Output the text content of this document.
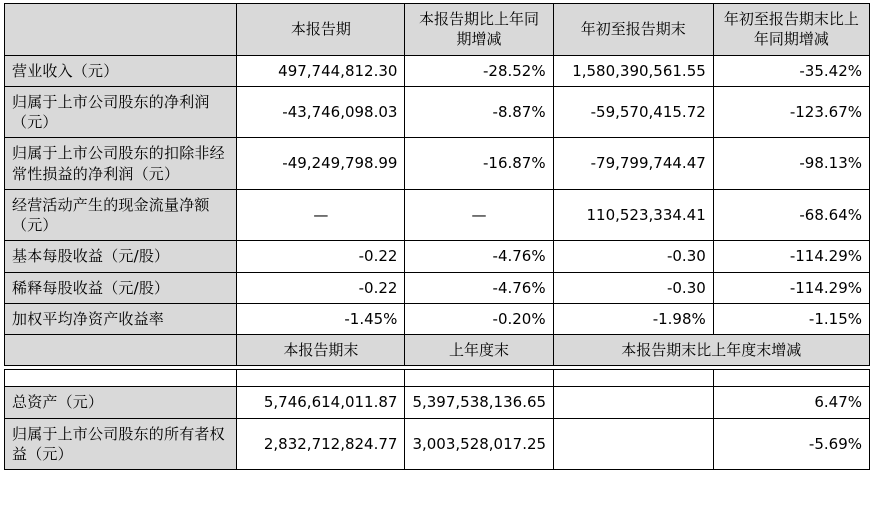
	本报告期	本报告期比上年同期增减	年初至报告期末	年初至报告期末比上年同期增减
营业收入（元）	497,744,812.30	-28.52%	1,580,390,561.55	-35.42%
归属于上市公司股东的净利润（元）	-43,746,098.03	-8.87%	-59,570,415.72	-123.67%
归属于上市公司股东的扣除非经常性损益的净利润（元）	-49,249,798.99	-16.87%	-79,799,744.47	-98.13%
经营活动产生的现金流量净额（元）	—	—	110,523,334.41	-68.64%
基本每股收益（元/股）	-0.22	-4.76%	-0.30	-114.29%
稀释每股收益（元/股）	-0.22	-4.76%	-0.30	-114.29%
加权平均净资产收益率	-1.45%	-0.20%	-1.98%	-1.15%
	本报告期末	上年度末	本报告期末比上年度末增减	

总资产（元）	5,746,614,011.87	5,397,538,136.65		6.47%
归属于上市公司股东的所有者权益（元）	2,832,712,824.77	3,003,528,017.25		-5.69%
